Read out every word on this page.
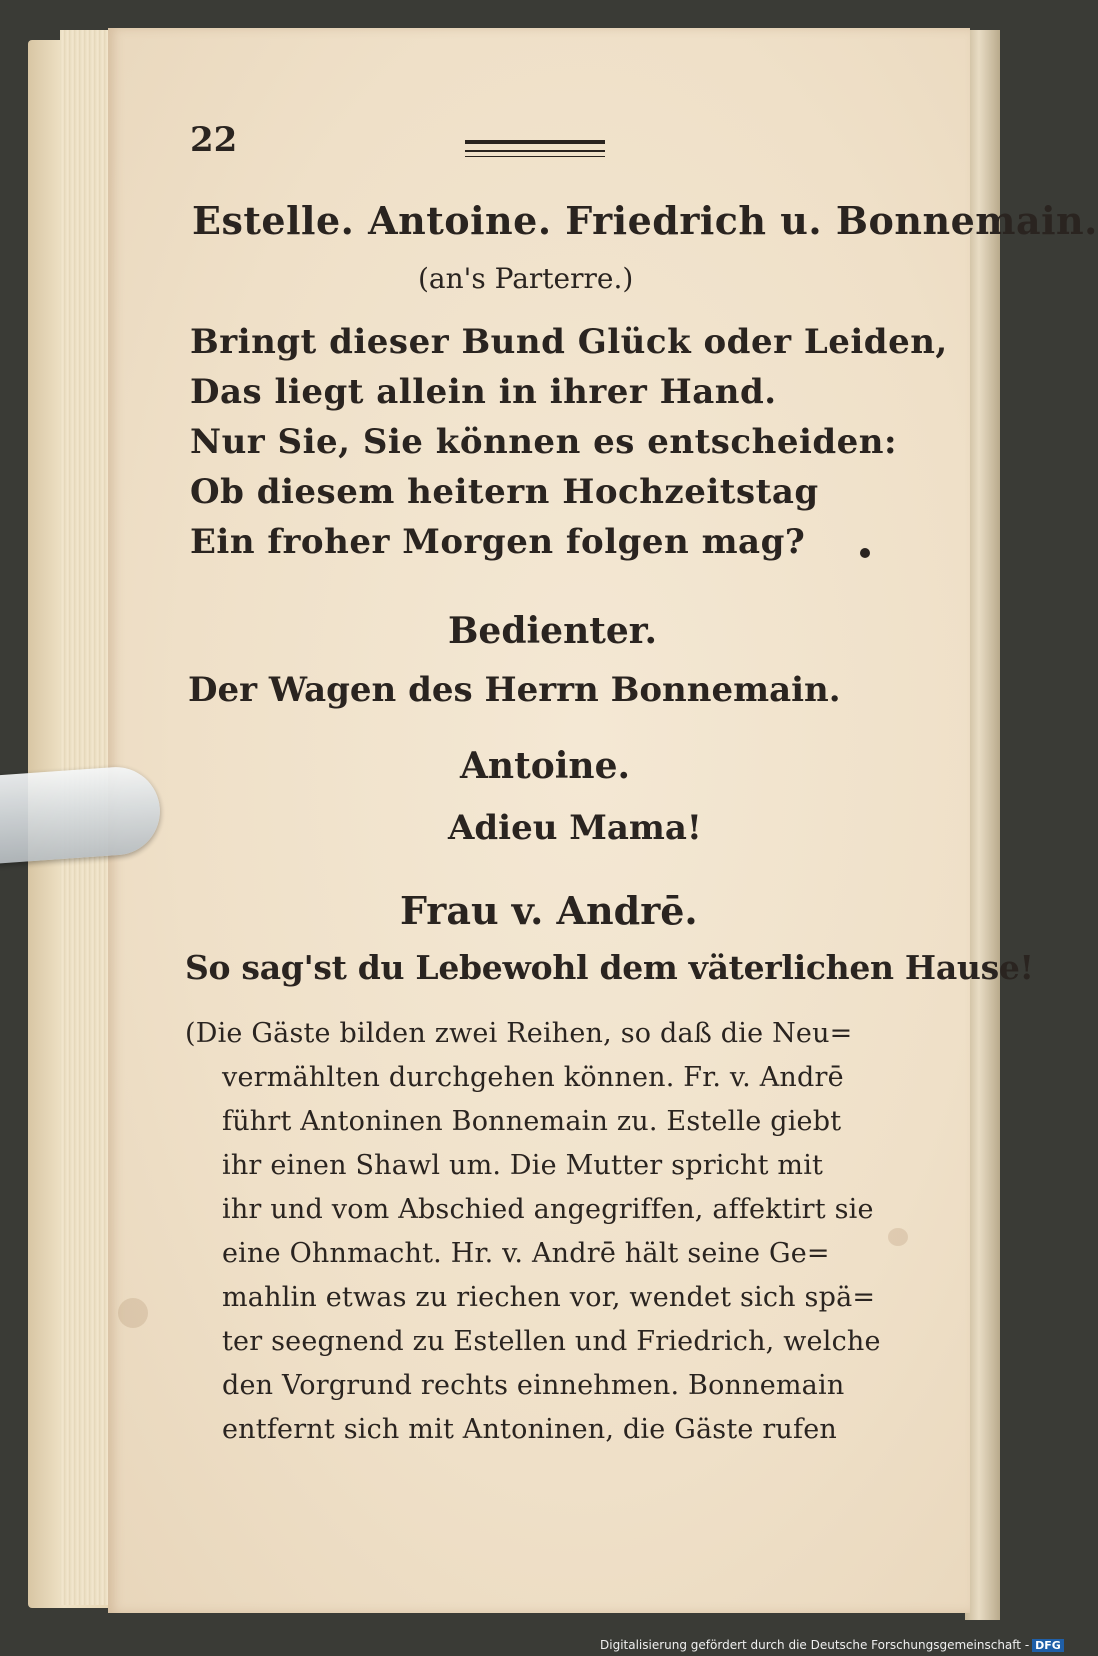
22
Estelle. Antoine. Friedrich u. Bonnemain.
(an's Parterre.)
Bringt dieser Bund Glück oder Leiden,
Das liegt allein in ihrer Hand.
Nur Sie, Sie können es entscheiden:
Ob diesem heitern Hochzeitstag
Ein froher Morgen folgen mag?
Bedienter.
Der Wagen des Herrn Bonnemain.
Antoine.
Adieu Mama!
Frau v. Andrē.
So sag'st du Lebewohl dem väterlichen Hause!
(Die Gäste bilden zwei Reihen, so daß die Neu=
vermählten durchgehen können. Fr. v. Andrē
führt Antoninen Bonnemain zu. Estelle giebt
ihr einen Shawl um. Die Mutter spricht mit
ihr und vom Abschied angegriffen, affektirt sie
eine Ohnmacht. Hr. v. Andrē hält seine Ge=
mahlin etwas zu riechen vor, wendet sich spä=
ter seegnend zu Estellen und Friedrich, welche
den Vorgrund rechts einnehmen. Bonnemain
entfernt sich mit Antoninen, die Gäste rufen
Digitalisierung gefördert durch die Deutsche Forschungsgemeinschaft - DFG
